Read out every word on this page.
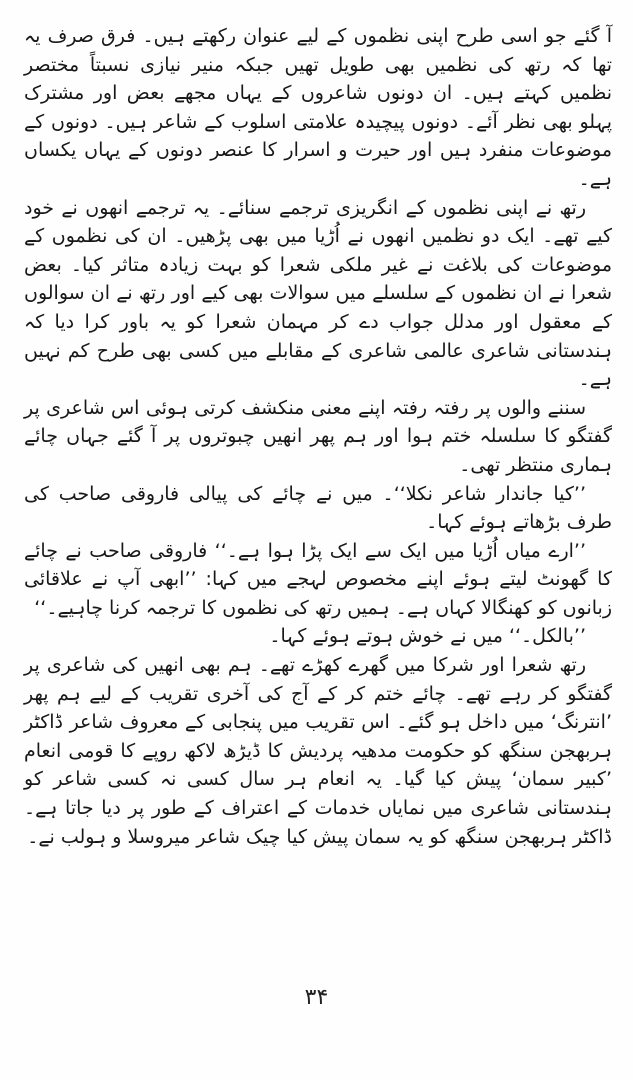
آ گئے جو اسی طرح اپنی نظموں کے لیے عنوان رکھتے ہیں۔ فرق صرف یہ تھا کہ رتھ کی نظمیں بھی طویل تھیں جبکہ منیر نیازی نسبتاً مختصر نظمیں کہتے ہیں۔ ان دونوں شاعروں کے یہاں مجھے بعض اور مشترک پہلو بھی نظر آئے۔ دونوں پیچیدہ علامتی اسلوب کے شاعر ہیں۔ دونوں کے موضوعات منفرد ہیں اور حیرت و اسرار کا عنصر دونوں کے یہاں یکساں ہے۔

رتھ نے اپنی نظموں کے انگریزی ترجمے سنائے۔ یہ ترجمے انھوں نے خود کیے تھے۔ ایک دو نظمیں انھوں نے اُڑیا میں بھی پڑھیں۔ ان کی نظموں کے موضوعات کی بلاغت نے غیر ملکی شعرا کو بہت زیادہ متاثر کیا۔ بعض شعرا نے ان نظموں کے سلسلے میں سوالات بھی کیے اور رتھ نے ان سوالوں کے معقول اور مدلل جواب دے کر مہمان شعرا کو یہ باور کرا دیا کہ ہندستانی شاعری عالمی شاعری کے مقابلے میں کسی بھی طرح کم نہیں ہے۔

سننے والوں پر رفتہ رفتہ اپنے معنی منکشف کرتی ہوئی اس شاعری پر گفتگو کا سلسلہ ختم ہوا اور ہم پھر انھیں چبوتروں پر آ گئے جہاں چائے ہماری منتظر تھی۔

’’کیا جاندار شاعر نکلا‘‘۔ میں نے چائے کی پیالی فاروقی صاحب کی طرف بڑھاتے ہوئے کہا۔

’’ارے میاں اُڑیا میں ایک سے ایک پڑا ہوا ہے۔‘‘ فاروقی صاحب نے چائے کا گھونٹ لیتے ہوئے اپنے مخصوص لہجے میں کہا: ’’ابھی آپ نے علاقائی زبانوں کو کھنگالا کہاں ہے۔ ہمیں رتھ کی نظموں کا ترجمہ کرنا چاہیے۔‘‘

’’بالکل۔‘‘ میں نے خوش ہوتے ہوئے کہا۔

رتھ شعرا اور شرکا میں گھرے کھڑے تھے۔ ہم بھی انھیں کی شاعری پر گفتگو کر رہے تھے۔ چائے ختم کر کے آج کی آخری تقریب کے لیے ہم پھر ’انترنگ‘ میں داخل ہو گئے۔ اس تقریب میں پنجابی کے معروف شاعر ڈاکٹر ہربھجن سنگھ کو حکومت مدھیہ پردیش کا ڈیڑھ لاکھ روپے کا قومی انعام ’کبیر سمان‘ پیش کیا گیا۔ یہ انعام ہر سال کسی نہ کسی شاعر کو ہندستانی شاعری میں نمایاں خدمات کے اعتراف کے طور پر دیا جاتا ہے۔ ڈاکٹر ہربھجن سنگھ کو یہ سمان پیش کیا چیک شاعر میروسلا و ہولب نے۔

۳۴
